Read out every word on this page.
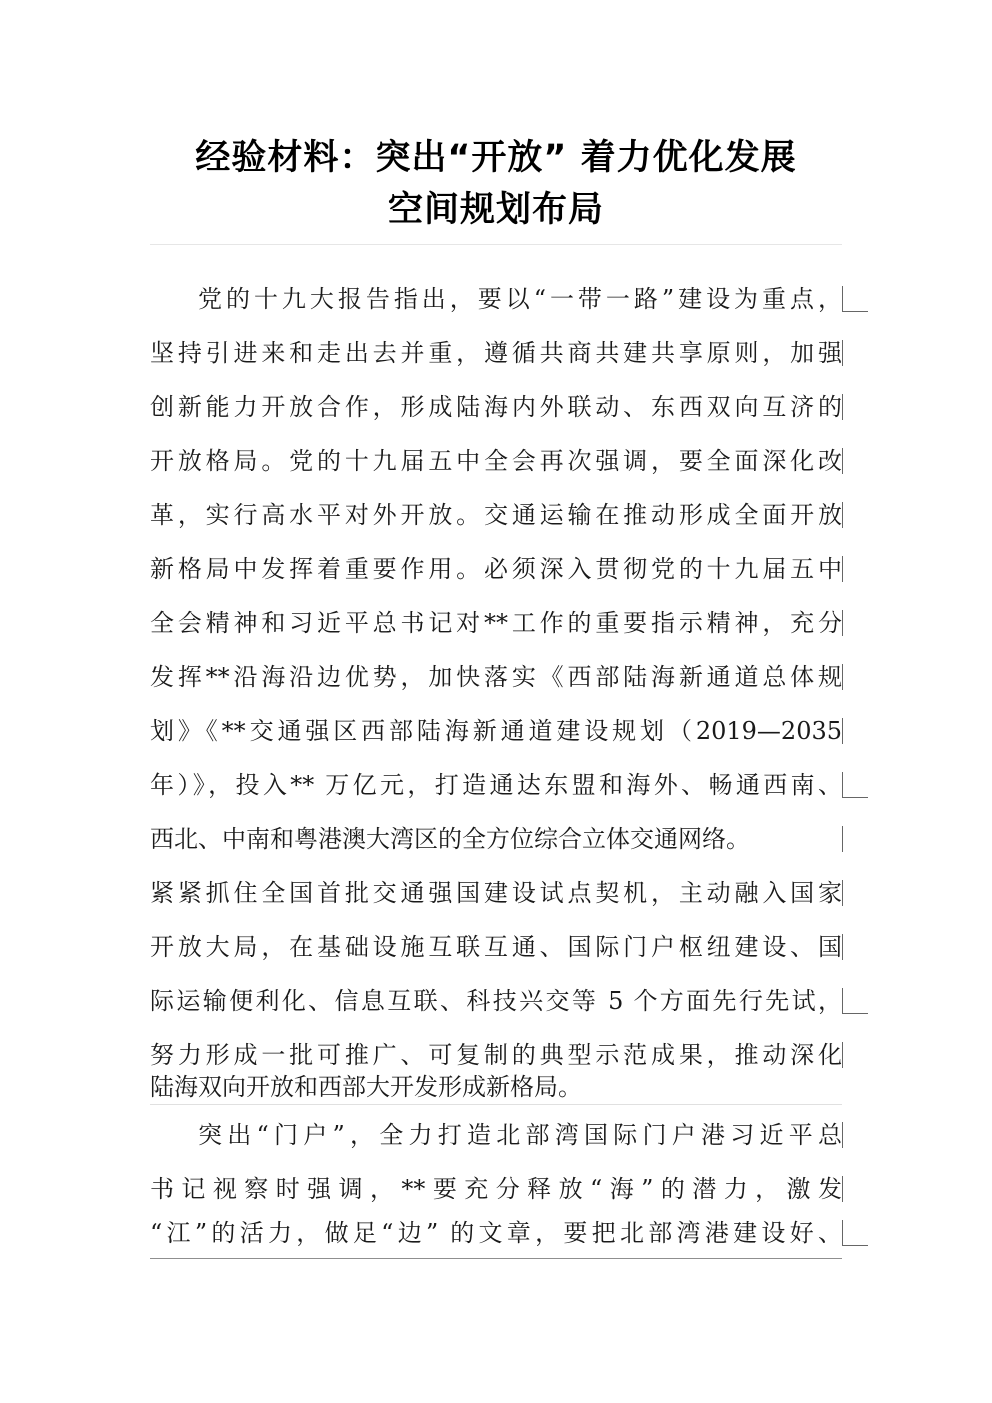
经验材料：突出“开放” 着力优化发展
空间规划布局
党的十九大报告指出，要以“一带一路”建设为重点，
坚持引进来和走出去并重，遵循共商共建共享原则，加强
创新能力开放合作，形成陆海内外联动、东西双向互济的
开放格局。党的十九届五中全会再次强调，要全面深化改
革，实行高水平对外开放。交通运输在推动形成全面开放
新格局中发挥着重要作用。必须深入贯彻党的十九届五中
全会精神和习近平总书记对**工作的重要指示精神，充分
发挥**沿海沿边优势，加快落实《西部陆海新通道总体规
划》《**交通强区西部陆海新通道建设规划（2019—2035
年）》，投入** 万亿元，打造通达东盟和海外、畅通西南、
西北、中南和粤港澳大湾区的全方位综合立体交通网络。
紧紧抓住全国首批交通强国建设试点契机，主动融入国家
开放大局，在基础设施互联互通、国际门户枢纽建设、国
际运输便利化、信息互联、科技兴交等 5 个方面先行先试，
努力形成一批可推广、可复制的典型示范成果，推动深化
陆海双向开放和西部大开发形成新格局。
突出“门户”，全力打造北部湾国际门户港习近平总
书记视察时强调，**要充分释放“海”的潜力，激发
“江”的活力，做足“边” 的文章，要把北部湾港建设好、
